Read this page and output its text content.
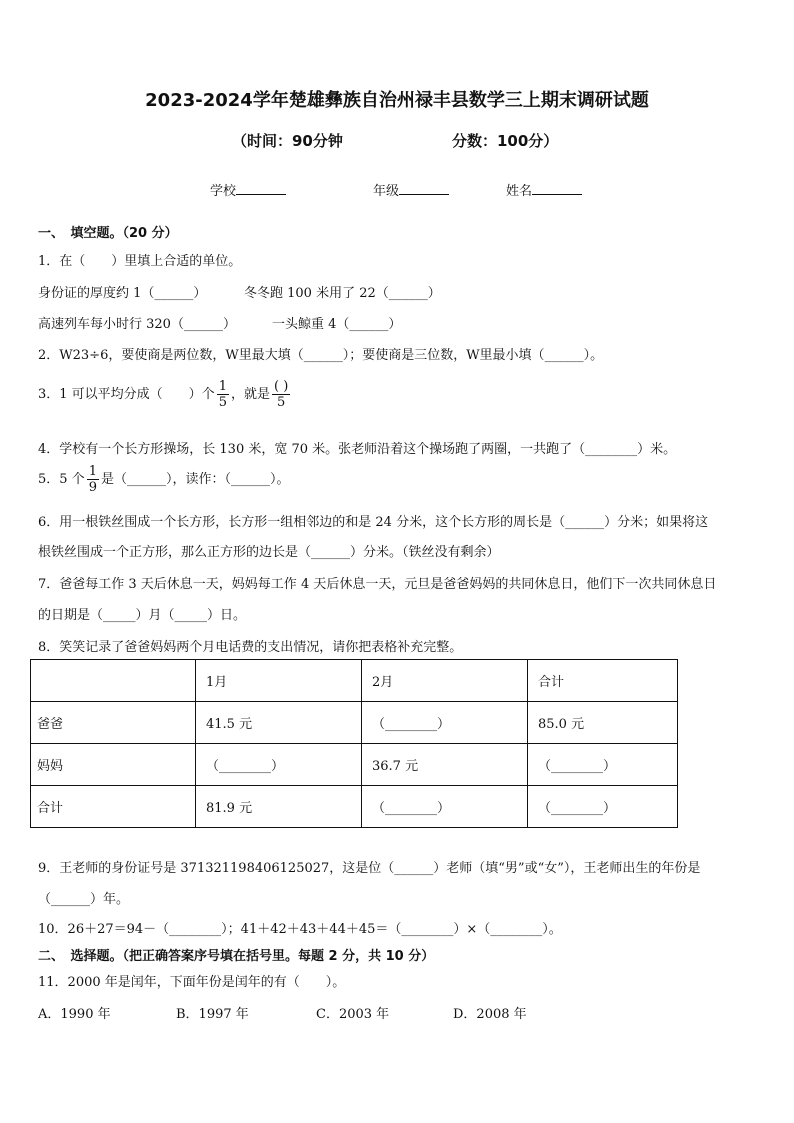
2023-2024学年楚雄彝族自治州禄丰县数学三上期末调研试题
（时间：90分钟	分数：100分）
学校	年级	姓名
一、　填空题。（20 分）
1．在（　　）里填上合适的单位。
身份证的厚度约 1（______）	冬冬跑 100 米用了 22（______）
高速列车每小时行 320（______）	一头鲸重 4（______）
2．W23÷6，要使商是两位数，W里最大填（______）；要使商是三位数，W里最小填（______）。
3．1 可以平均分成（　　）个 $\frac{1}{5}$ ，就是 $\frac{( )}{5}$
4．学校有一个长方形操场，长 130 米，宽 70 米。张老师沿着这个操场跑了两圈，一共跑了（________）米。
5．5 个 $\frac{1}{9}$ 是（______），读作：（______）。
6．用一根铁丝围成一个长方形，长方形一组相邻边的和是 24 分米，这个长方形的周长是（______）分米；如果将这
根铁丝围成一个正方形，那么正方形的边长是（______）分米。（铁丝没有剩余）
7．爸爸每工作 3 天后休息一天，妈妈每工作 4 天后休息一天，元旦是爸爸妈妈的共同休息日，他们下一次共同休息日
的日期是（_____）月（_____）日。
8．笑笑记录了爸爸妈妈两个月电话费的支出情况，请你把表格补充完整。
	1月	2月	合计
爸爸	41.5 元	（________）	85.0 元
妈妈	（________）	36.7 元	（________）
合计	81.9 元	（________）	（________）
9．王老师的身份证号是 371321198406125027，这是位（______）老师（填“男”或“女”），王老师出生的年份是
（______）年。
10．26＋27＝94－（________）；41＋42＋43＋44＋45＝（________）×（________）。
二、　选择题。（把正确答案序号填在括号里。每题 2 分，共 10 分）
11．2000 年是闰年，下面年份是闰年的有（　　）。
A．1990 年	B．1997 年	C．2003 年	D．2008 年
